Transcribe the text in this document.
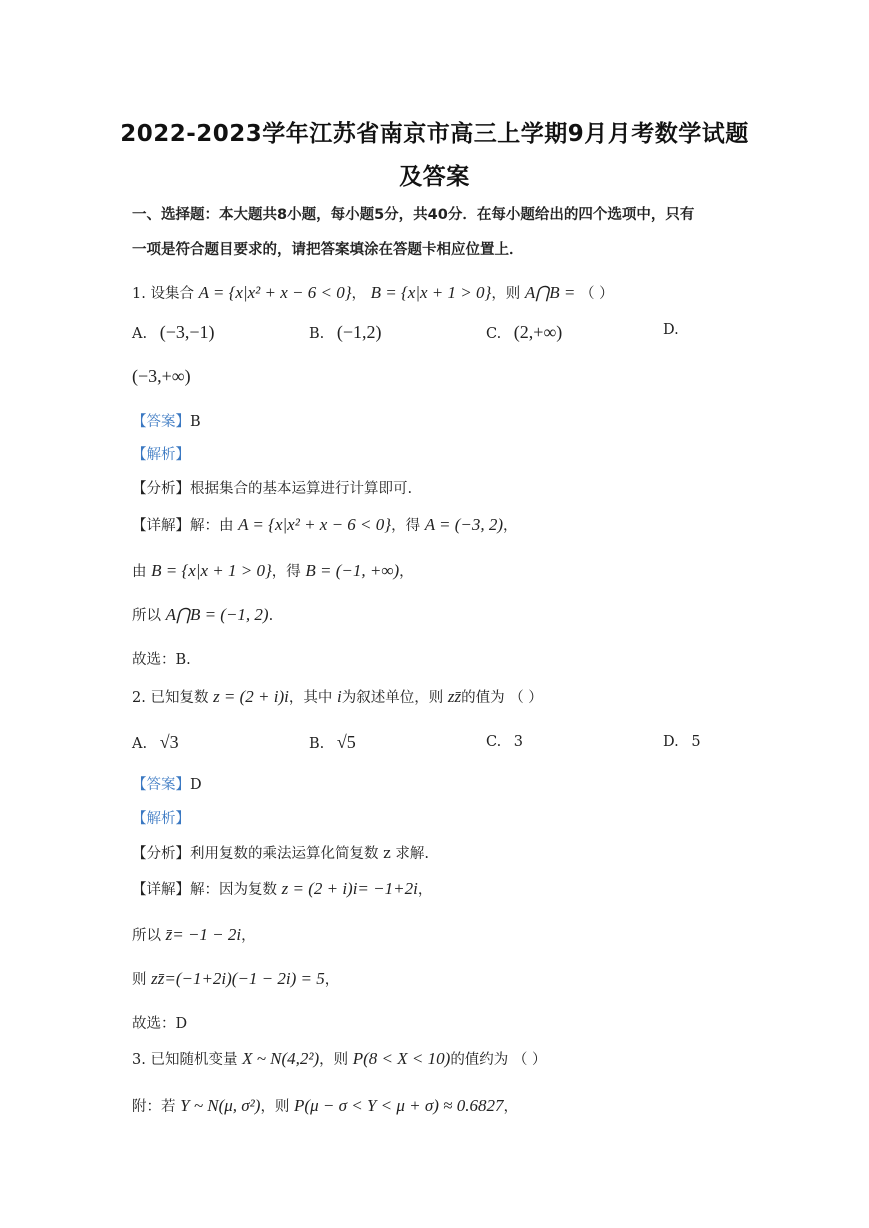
2022-2023学年江苏省南京市高三上学期9月月考数学试题
及答案
一、选择题：本大题共8小题，每小题5分，共40分．在每小题给出的四个选项中，只有
一项是符合题目要求的，请把答案填涂在答题卡相应位置上．
1. 设集合 A = {x|x² + x − 6 < 0}， B = {x|x + 1 > 0}，则 A⋂B = （ ）
A. (−3,−1)	B. (−1,2)	C. (2,+∞)	D.
(−3,+∞)
【答案】B
【解析】
【分析】根据集合的基本运算进行计算即可.
【详解】解：由 A = {x|x² + x − 6 < 0}，得 A = (−3, 2)，
由 B = {x|x + 1 > 0}，得 B = (−1, +∞)，
所以 A⋂B = (−1, 2).
故选：B.
2. 已知复数 z = (2 + i)i，其中 i为叙述单位，则 zz̄的值为 （ ）
A. √3	B. √5	C. 3	D. 5
【答案】D
【解析】
【分析】利用复数的乘法运算化简复数 z 求解.
【详解】解：因为复数 z = (2 + i)i= −1+2i，
所以 z̄= −1 − 2i，
则 zz̄=(−1+2i)(−1 − 2i) = 5，
故选：D
3. 已知随机变量 X ~ N(4,2²)，则 P(8 < X < 10)的值约为 （ ）
附：若 Y ~ N(μ, σ²)，则 P(μ − σ < Y < μ + σ) ≈ 0.6827，
